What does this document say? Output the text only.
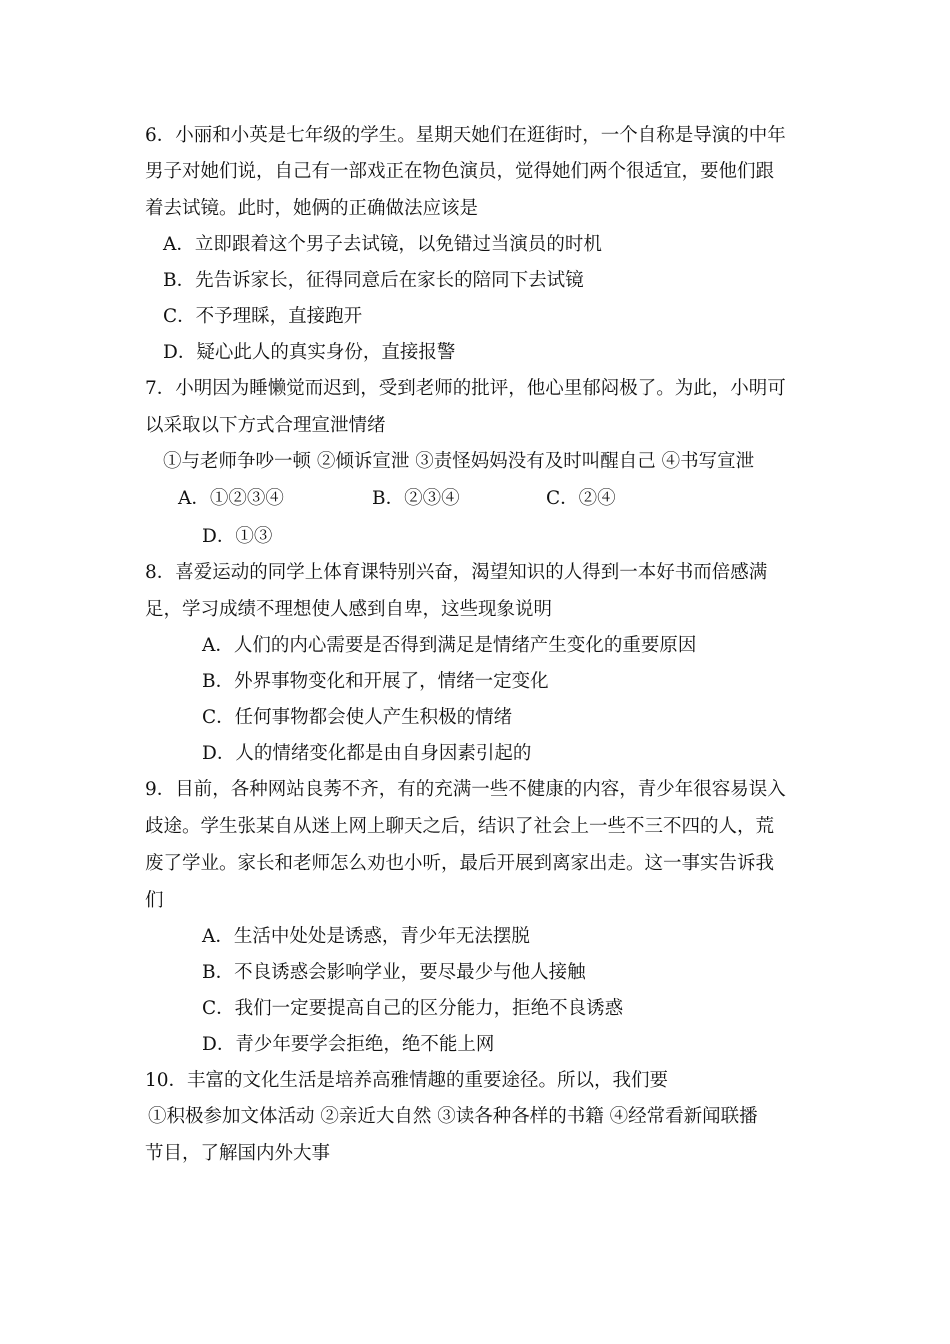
6．小丽和小英是七年级的学生。星期天她们在逛街时，一个自称是导演的中年
男子对她们说，自己有一部戏正在物色演员，觉得她们两个很适宜，要他们跟
着去试镜。此时，她俩的正确做法应该是
A．立即跟着这个男子去试镜，以免错过当演员的时机
B．先告诉家长，征得同意后在家长的陪同下去试镜
C．不予理睬，直接跑开
D．疑心此人的真实身份，直接报警
7．小明因为睡懒觉而迟到，受到老师的批评，他心里郁闷极了。为此，小明可
以采取以下方式合理宣泄情绪
①与老师争吵一顿 ②倾诉宣泄 ③责怪妈妈没有及时叫醒自己 ④书写宣泄
A．①②③④	B．②③④	C．②④
D．①③
8．喜爱运动的同学上体育课特别兴奋，渴望知识的人得到一本好书而倍感满
足，学习成绩不理想使人感到自卑，这些现象说明
A．人们的内心需要是否得到满足是情绪产生变化的重要原因
B．外界事物变化和开展了，情绪一定变化
C．任何事物都会使人产生积极的情绪
D．人的情绪变化都是由自身因素引起的
9．目前，各种网站良莠不齐，有的充满一些不健康的内容，青少年很容易误入
歧途。学生张某自从迷上网上聊天之后，结识了社会上一些不三不四的人，荒
废了学业。家长和老师怎么劝也小听，最后开展到离家出走。这一事实告诉我
们
A．生活中处处是诱惑，青少年无法摆脱
B．不良诱惑会影响学业，要尽最少与他人接触
C．我们一定要提高自己的区分能力，拒绝不良诱惑
D．青少年要学会拒绝，绝不能上网
10．丰富的文化生活是培养高雅情趣的重要途径。所以，我们要
①积极参加文体活动 ②亲近大自然 ③读各种各样的书籍 ④经常看新闻联播
节目，了解国内外大事
